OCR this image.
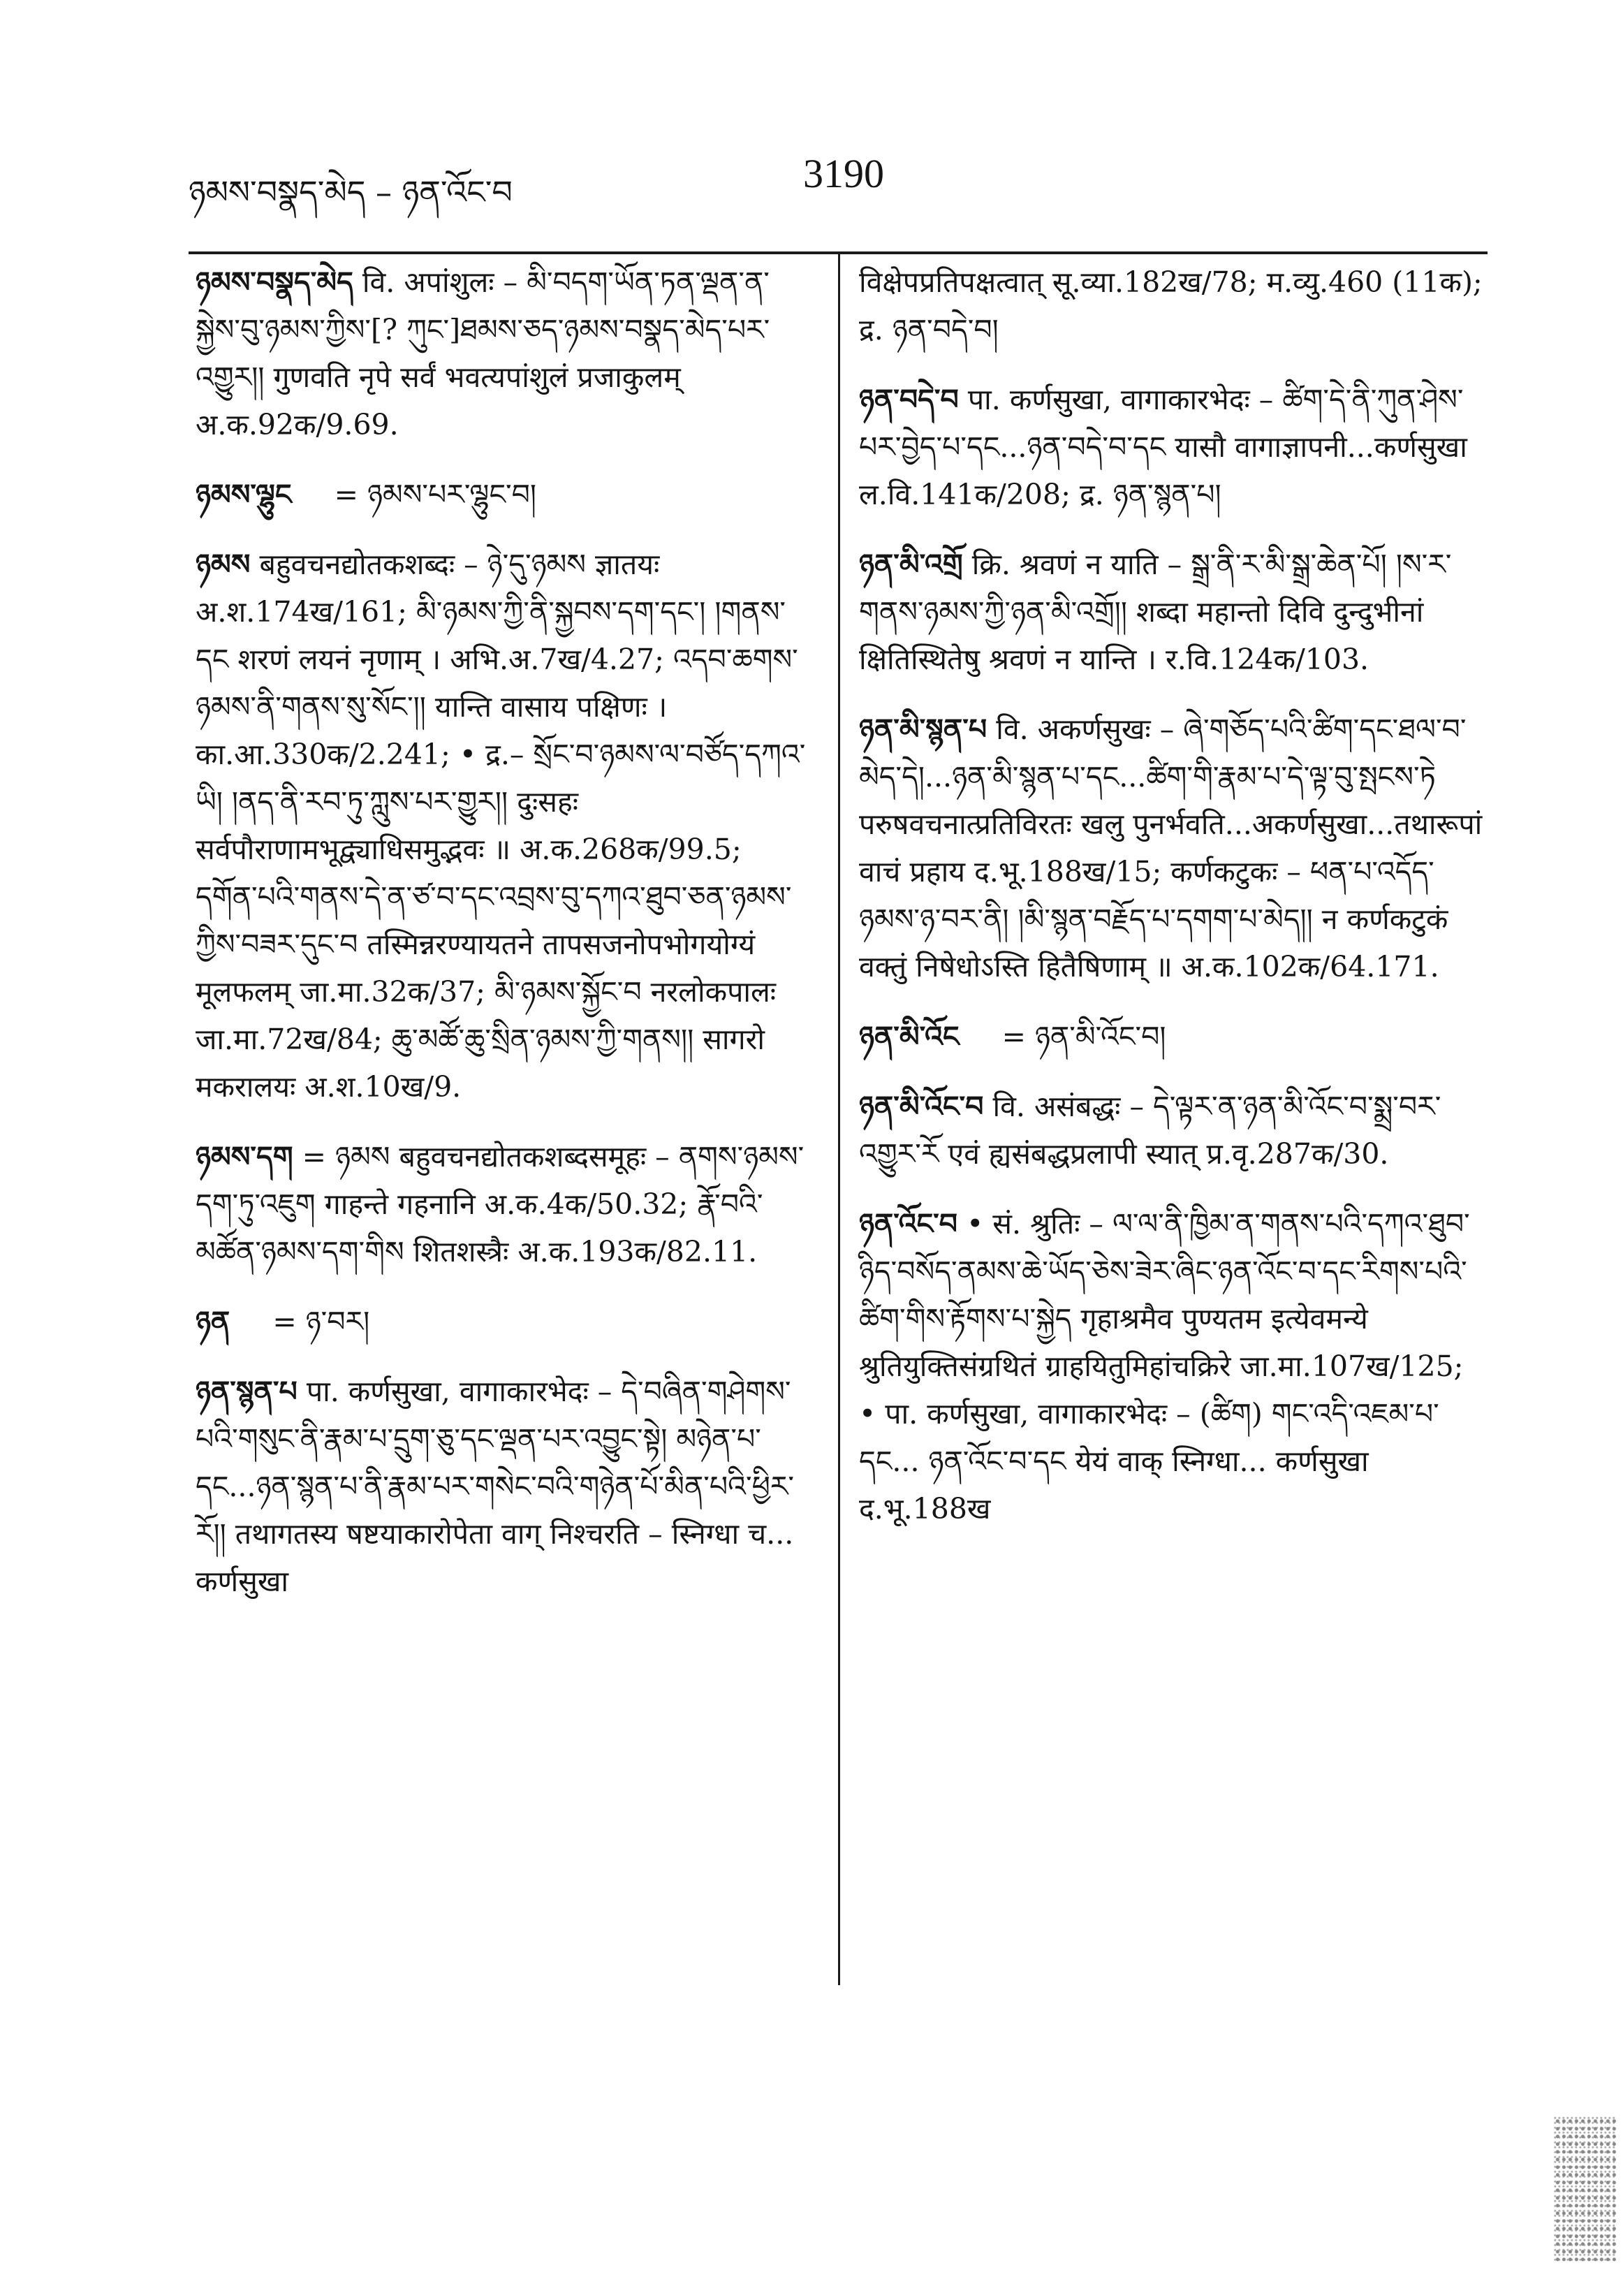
ཉམས་བསྣད་མེད – ཉན་འོང་བ	3190
ཉམས་བསྣད་མེད वि. अपांशुलः – མི་བདག་ཡོན་ཏན་ལྡན་ན་སྐྱེས་བུ་ཉམས་ཀྱིས་[? ཀུང་]ཐམས་ཅད་ཉམས་བསྣད་མེད་པར་འགྱུར།། गुणवति नृपे सर्वं भवत्यपांशुलं प्रजाकुलम् अ.क.92क/9.69.
ཉམས་ལྷུང = ཉམས་པར་ལྷུང་བ།
ཉམས बहुवचनद्योतकशब्दः – ཉེ་དུ་ཉམས ज्ञातयः अ.श.174ख/161; མི་ཉམས་ཀྱི་ནི་སྐྱབས་དག་དང་། །གནས་དང शरणं लयनं नृणाम् । अभि.अ.7ख/4.27; འདབ་ཆགས་ཉམས་ནི་གནས་སུ་སོང་།། यान्ति वासाय पक्षिणः । का.आ.330क/2.241; • द्र.– སྲོང་བ་ཉམས་ལ་བཙོད་དཀའ་ཡི། །ནད་ནི་རབ་ཏུ་ཀླུས་པར་གྱུར།། दुःसहः सर्वपौराणामभूद्व्याधिसमुद्भवः ॥ अ.क.268क/99.5; དགོན་པའི་གནས་དེ་ན་ཙ་བ་དང་འབྲས་བུ་དཀའ་ཐུབ་ཅན་ཉམས་ཀྱིས་བཟར་དུང་བ तस्मिन्नरण्यायतने तापसजनोपभोगयोग्यं मूलफलम् जा.मा.32क/37; མི་ཉམས་སྐྱོང་བ नरलोकपालः जा.मा.72ख/84; ཆུ་མཚོ་ཆུ་སྲིན་ཉམས་ཀྱི་གནས།། सागरो मकरालयः अ.श.10ख/9.
ཉམས་དག = ཉམས बहुवचनद्योतकशब्दसमूहः – ནགས་ཉམས་དག་ཏུ་འཇུག गाहन्ते गहनानि अ.क.4क/50.32; རྣོ་བའི་མཚོན་ཉམས་དག་གིས शितशस्त्रैः अ.क.193क/82.11.
ཉན = ཉ་བར།
ཉན་སྙན་པ पा. कर्णसुखा, वागाकारभेदः – དེ་བཞིན་གཤེགས་པའི་གསུང་ནི་རྣམ་པ་དྲུག་ཅུ་དང་ལྡན་པར་འབྱུང་སྟེ། མཉེན་པ་དང...ཉན་སྙན་པ་ནི་རྣམ་པར་གསེང་བའི་གཉེན་པོ་མིན་པའི་ཕྱིར་རོ།། तथागतस्य षष्टयाकारोपेता वाग् निश्चरति – स्निग्धा च... कर्णसुखा
विक्षेपप्रतिपक्षत्वात् सू.व्या.182ख/78; म.व्यु.460 (11क); द्र. ཉན་བདེ་བ།
ཉན་བདེ་བ पा. कर्णसुखा, वागाकारभेदः – ཚིག་དེ་ནི་ཀུན་ཤེས་པར་བྱེད་པ་དང...ཉན་བདེ་བ་དང यासौ वागाज्ञापनी...कर्णसुखा ल.वि.141क/208; द्र. ཉན་སྙན་པ།
ཉན་མི་འགྲོ क्रि. श्रवणं न याति – སྒྲ་ནི་ཪ་མི་སྒྲ་ཆེན་པོ། །ས་ར་གནས་ཉམས་ཀྱི་ཉན་མི་འགྲོ།། शब्दा महान्तो दिवि दुन्दुभीनां क्षितिस्थितेषु श्रवणं न यान्ति । र.वि.124क/103.
ཉན་མི་སྙན་པ वि. अकर्णसुखः – ཞེ་གཅོད་པའི་ཚིག་དང་ཐལ་བ་མེད་དེ།...ཉན་མི་སྙན་པ་དང...ཚིག་གི་རྣམ་པ་དེ་ལྟ་བུ་སྤངས་ཏེ परुषवचनात्प्रतिविरतः खलु पुनर्भवति...अकर्णसुखा...तथारूपां वाचं प्रहाय द.भू.188ख/15; कर्णकटुकः – ཕན་པ་འདོད་ཉམས་ཉ་བར་ནི། །མི་སྙན་བརྗོད་པ་དགག་པ་མེད།། न कर्णकटुकं वक्तुं निषेधोऽस्ति हितैषिणाम् ॥ अ.क.102क/64.171.
ཉན་མི་འོང = ཉན་མི་འོང་བ།
ཉན་མི་འོང་བ वि. असंबद्धः – དེ་ལྟར་ན་ཉན་མི་འོང་བ་སྨྲ་བར་འགྱུར་རོ एवं ह्यसंबद्धप्रलापी स्यात् प्र.वृ.287क/30.
ཉན་འོང་བ • सं. श्रुतिः – ལ་ལ་ནི་ཁྱིམ་ན་གནས་པའི་དཀའ་ཐུབ་ཉིད་བསོད་ནམས་ཆེ་ཡོད་ཅེས་ཟེར་ཞིང་ཉན་འོང་བ་དང་རིགས་པའི་ཚིག་གིས་རྟོགས་པ་སྐྱེད गृहाश्रमैव पुण्यतम इत्येवमन्ये श्रुतियुक्तिसंग्रथितं ग्राहयितुमिहांचक्रिरे जा.मा.107ख/125; • पा. कर्णसुखा, वागाकारभेदः – (ཚིག) གང་འདི་འཇམ་པ་དང... ཉན་འོང་བ་དང येयं वाक् स्निग्धा... कर्णसुखा द.भू.188ख
